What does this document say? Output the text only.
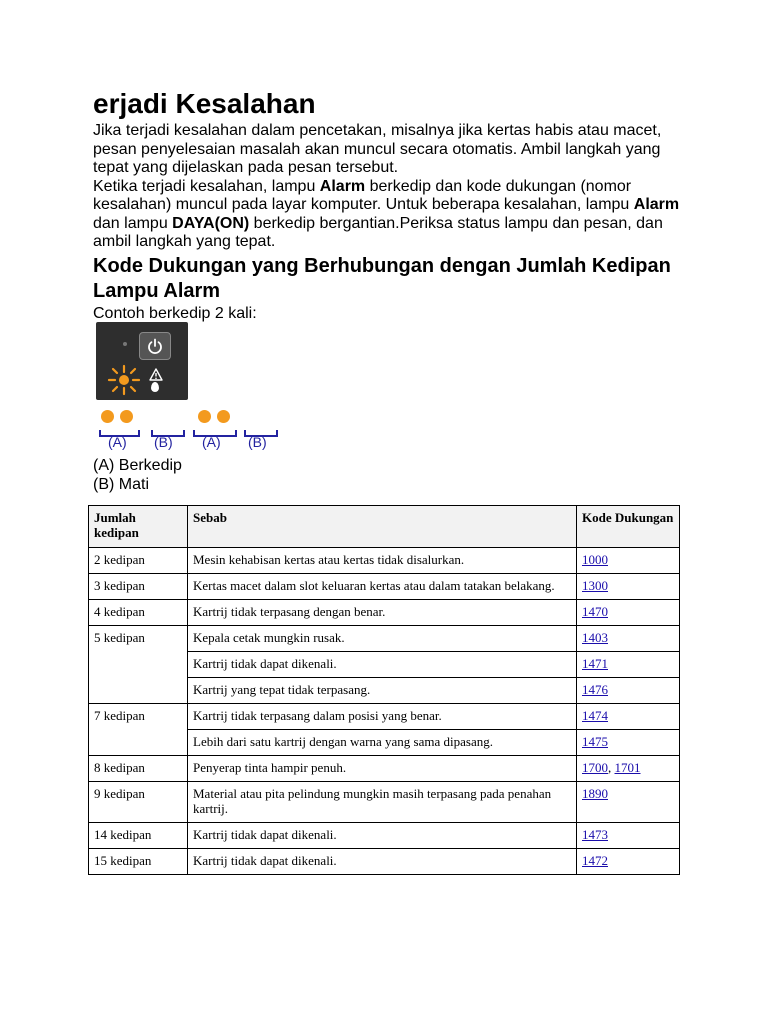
erjadi Kesalahan

Jika terjadi kesalahan dalam pencetakan, misalnya jika kertas habis atau macet, pesan penyelesaian masalah akan muncul secara otomatis. Ambil langkah yang tepat yang dijelaskan pada pesan tersebut.

Ketika terjadi kesalahan, lampu Alarm berkedip dan kode dukungan (nomor kesalahan) muncul pada layar komputer. Untuk beberapa kesalahan, lampu Alarm dan lampu DAYA(ON) berkedip bergantian.Periksa status lampu dan pesan, dan ambil langkah yang tepat.

Kode Dukungan yang Berhubungan dengan Jumlah Kedipan Lampu Alarm

Contoh berkedip 2 kali:

(A) (B) (A) (B)
(A) Berkedip
(B) Mati
Jumlah kedipan	Sebab	Kode Dukungan
2 kedipan	Mesin kehabisan kertas atau kertas tidak disalurkan.	1000
3 kedipan	Kertas macet dalam slot keluaran kertas atau dalam tatakan belakang.	1300
4 kedipan	Kartrij tidak terpasang dengan benar.	1470
5 kedipan	Kepala cetak mungkin rusak.	1403
	Kartrij tidak dapat dikenali.	1471
	Kartrij yang tepat tidak terpasang.	1476
7 kedipan	Kartrij tidak terpasang dalam posisi yang benar.	1474
	Lebih dari satu kartrij dengan warna yang sama dipasang.	1475
8 kedipan	Penyerap tinta hampir penuh.	1700, 1701
9 kedipan	Material atau pita pelindung mungkin masih terpasang pada penahan kartrij.	1890
14 kedipan	Kartrij tidak dapat dikenali.	1473
15 kedipan	Kartrij tidak dapat dikenali.	1472
